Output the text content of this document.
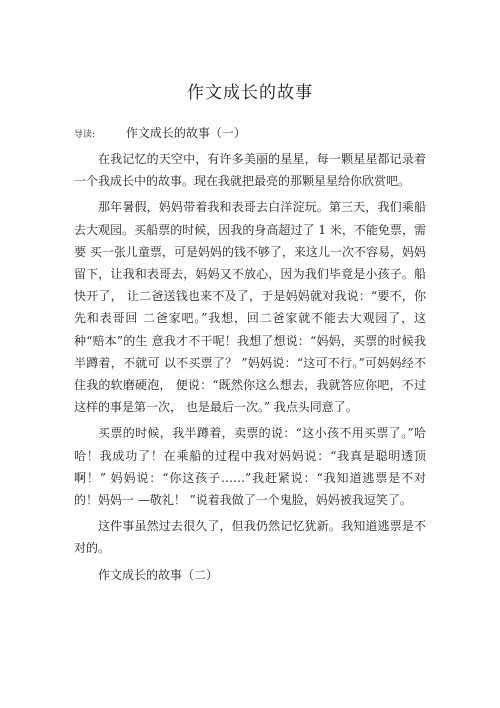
作文成长的故事
导读:	作文成长的故事（一）

在我记忆的天空中，有许多美丽的星星，每一颗星星都记录着一个我成长中的故事。现在我就把最亮的那颗星星给你欣赏吧。

那年暑假，妈妈带着我和表哥去白洋淀玩。第三天，我们乘船 去大观园。买船票的时候，因我的身高超过了 1 米，不能免票，需要 买一张儿童票，可是妈妈的钱不够了，来这儿一次不容易，妈妈留下，让我和表哥去，妈妈又不放心，因为我们毕竟是小孩子。船快开了， 让二爸送钱也来不及了，于是妈妈就对我说：“要不，你先和表哥回 二爸家吧。”我想，回二爸家就不能去大观园了，这种“赔本”的生 意我才不干呢！我想了想说：“妈妈，买票的时候我半蹲着，不就可 以不买票了？ ”妈妈说：“这可不行。”可妈妈经不住我的软磨硬泡， 便说：“既然你这么想去，我就答应你吧，不过这样的事是第一次， 也是最后一次。” 我点头同意了。

买票的时候，我半蹲着，卖票的说：“这小孩不用买票了。”哈 哈！我成功了！在乘船的过程中我对妈妈说：“我真是聪明透顶啊！” 妈妈说：“你这孩子……”我赶紧说：“我知道逃票是不对的！妈妈一 —敬礼！ ”说着我做了一个鬼脸，妈妈被我逗笑了。

这件事虽然过去很久了，但我仍然记忆犹新。我知道逃票是不 对的。

作文成长的故事（二）
